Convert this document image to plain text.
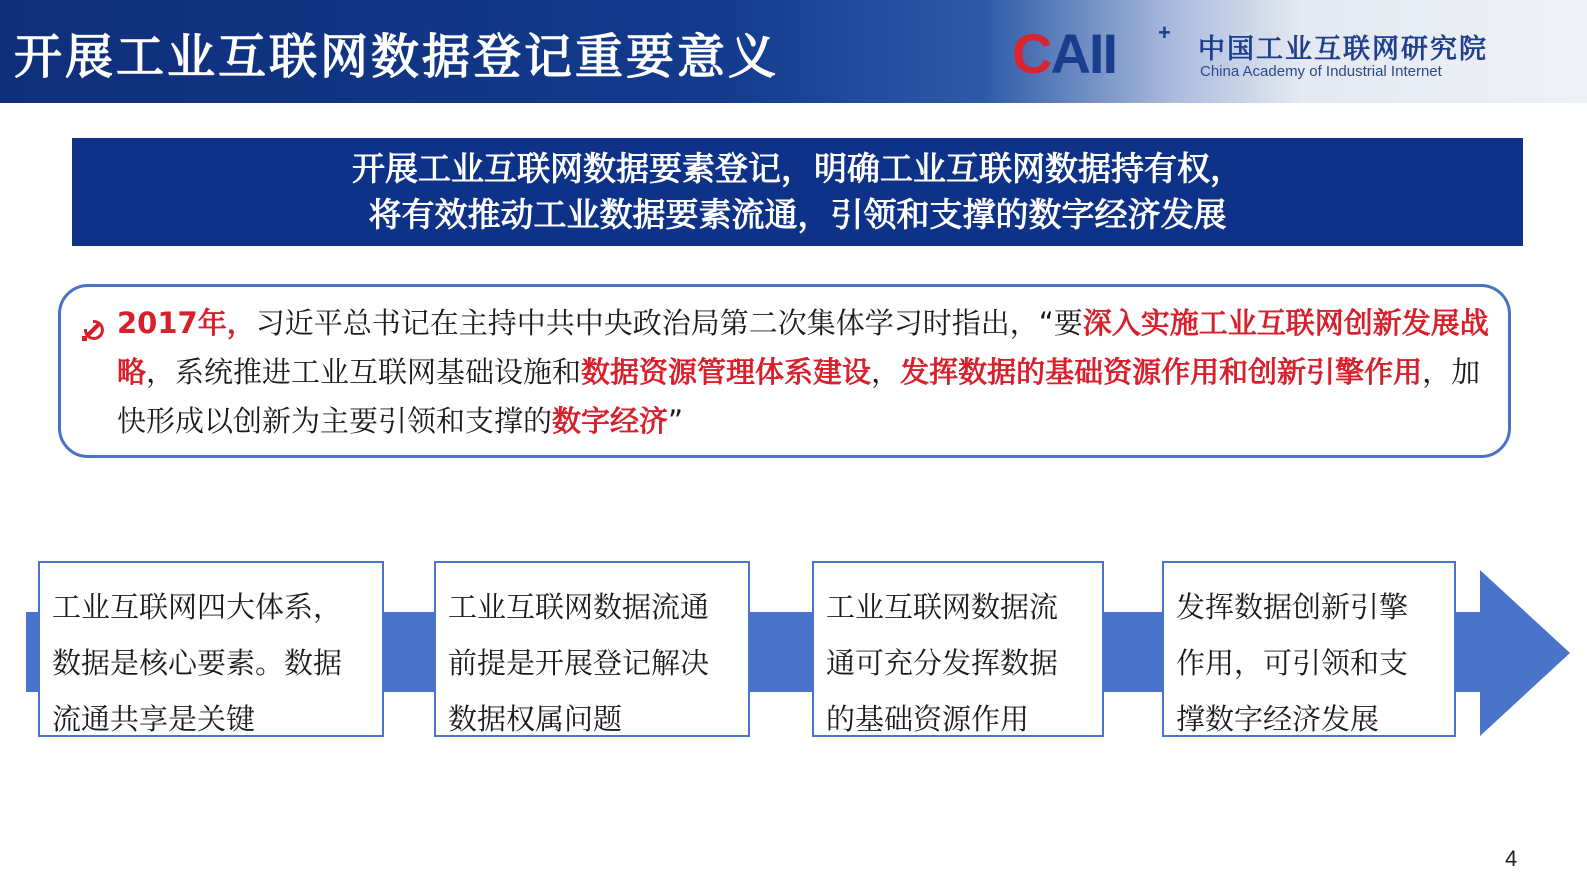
开展工业互联网数据登记重要意义	CAII +
中国工业互联网研究院
China Academy of Industrial Internet
开展工业互联网数据要素登记，明确工业互联网数据持有权，
将有效推动工业数据要素流通，引领和支撑的数字经济发展
2017年，习近平总书记在主持中共中央政治局第二次集体学习时指出，“要深入实施工业互联网创新发展战略，系统推进工业互联网基础设施和数据资源管理体系建设，发挥数据的基础资源作用和创新引擎作用，加快形成以创新为主要引领和支撑的数字经济”
工业互联网四大体系，
数据是核心要素。数据
流通共享是关键
工业互联网数据流通
前提是开展登记解决
数据权属问题
工业互联网数据流
通可充分发挥数据
的基础资源作用
发挥数据创新引擎
作用，可引领和支
撑数字经济发展
4
